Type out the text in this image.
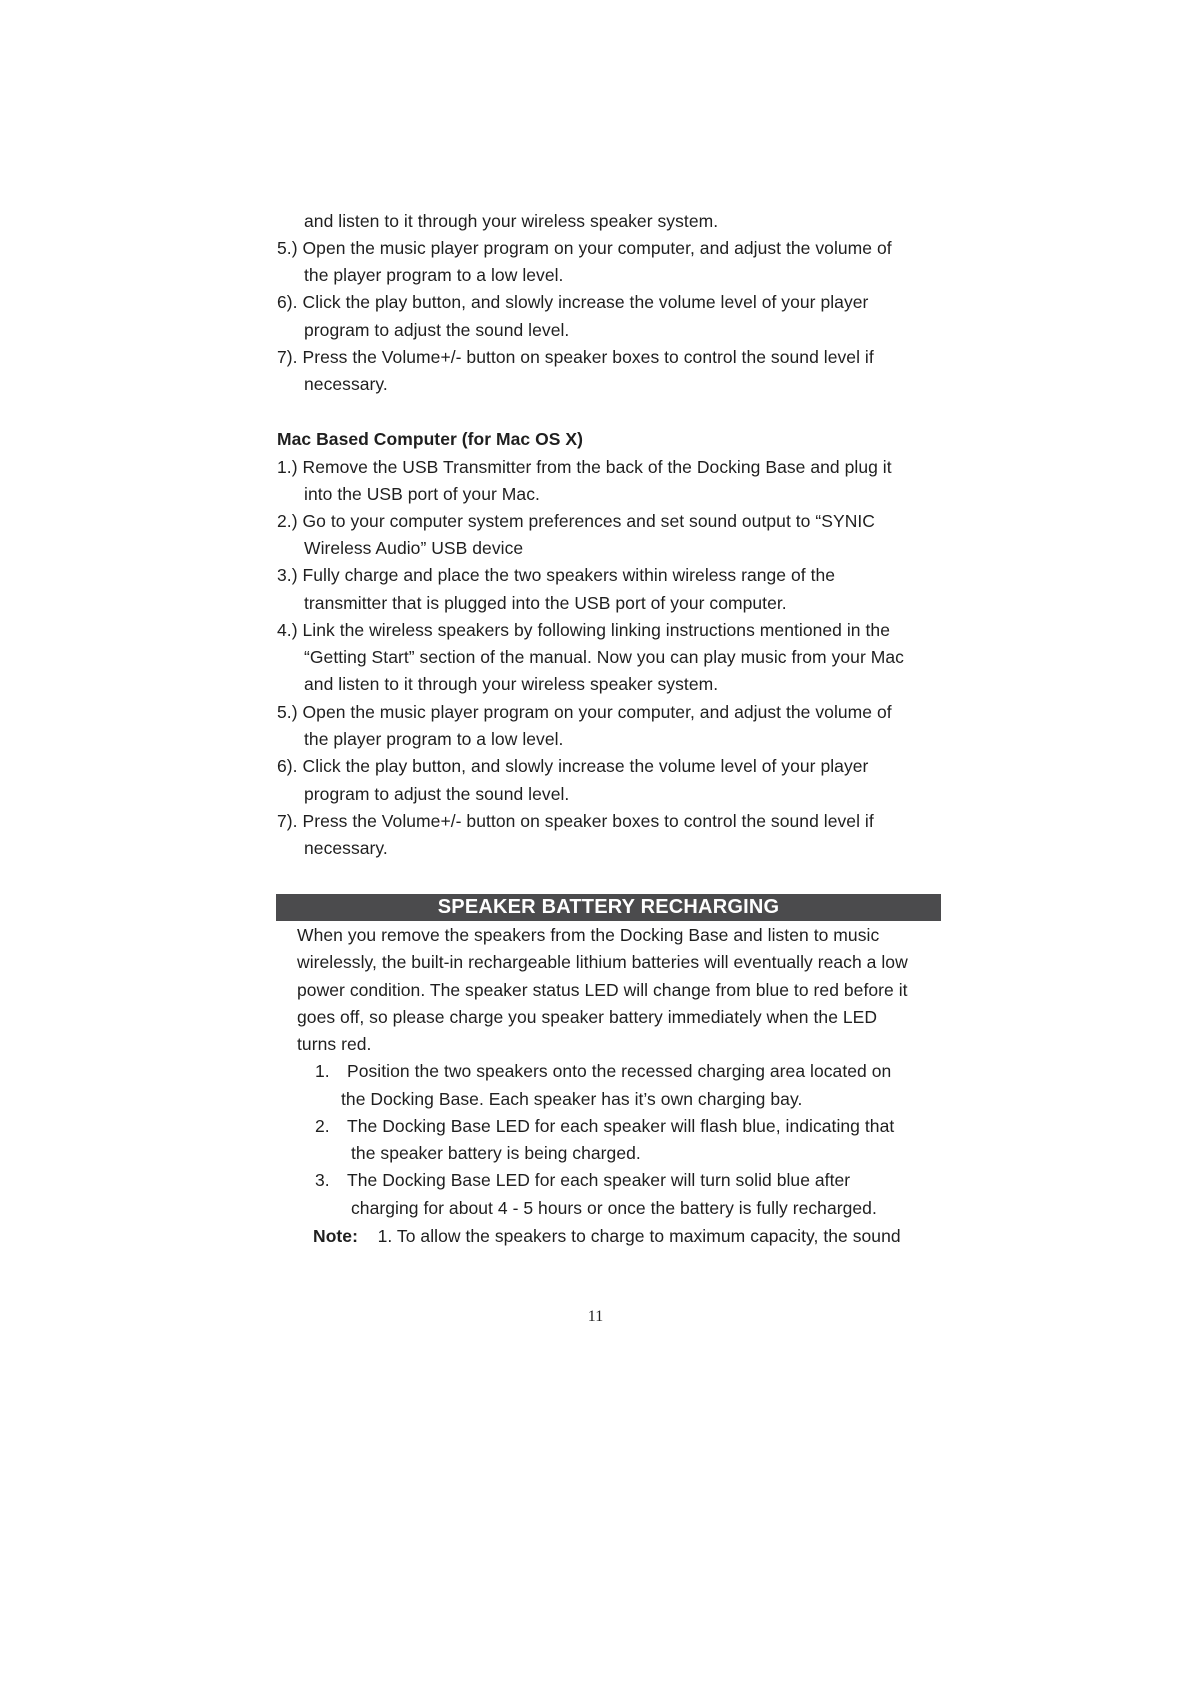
and listen to it through your wireless speaker system.
5.) Open the music player program on your computer, and adjust the volume of
the player program to a low level.
6). Click the play button, and slowly increase the volume level of your player
program to adjust the sound level.
7). Press the Volume+/- button on speaker boxes to control the sound level if
necessary.
Mac Based Computer (for Mac OS X)
1.) Remove the USB Transmitter from the back of the Docking Base and plug it
into the USB port of your Mac.
2.) Go to your computer system preferences and set sound output to “SYNIC
Wireless Audio” USB device
3.) Fully charge and place the two speakers within wireless range of the
transmitter that is plugged into the USB port of your computer.
4.) Link the wireless speakers by following linking instructions mentioned in the
“Getting Start” section of the manual. Now you can play music from your Mac
and listen to it through your wireless speaker system.
5.) Open the music player program on your computer, and adjust the volume of
the player program to a low level.
6). Click the play button, and slowly increase the volume level of your player
program to adjust the sound level.
7). Press the Volume+/- button on speaker boxes to control the sound level if
necessary.
SPEAKER BATTERY RECHARGING
When you remove the speakers from the Docking Base and listen to music
wirelessly, the built-in rechargeable lithium batteries will eventually reach a low
power condition. The speaker status LED will change from blue to red before it
goes off, so please charge you speaker battery immediately when the LED
turns red.
1. Position the two speakers onto the recessed charging area located on
the Docking Base. Each speaker has it’s own charging bay.
2. The Docking Base LED for each speaker will flash blue, indicating that
the speaker battery is being charged.
3. The Docking Base LED for each speaker will turn solid blue after
charging for about 4 - 5 hours or once the battery is fully recharged.
Note: 1. To allow the speakers to charge to maximum capacity, the sound
11
